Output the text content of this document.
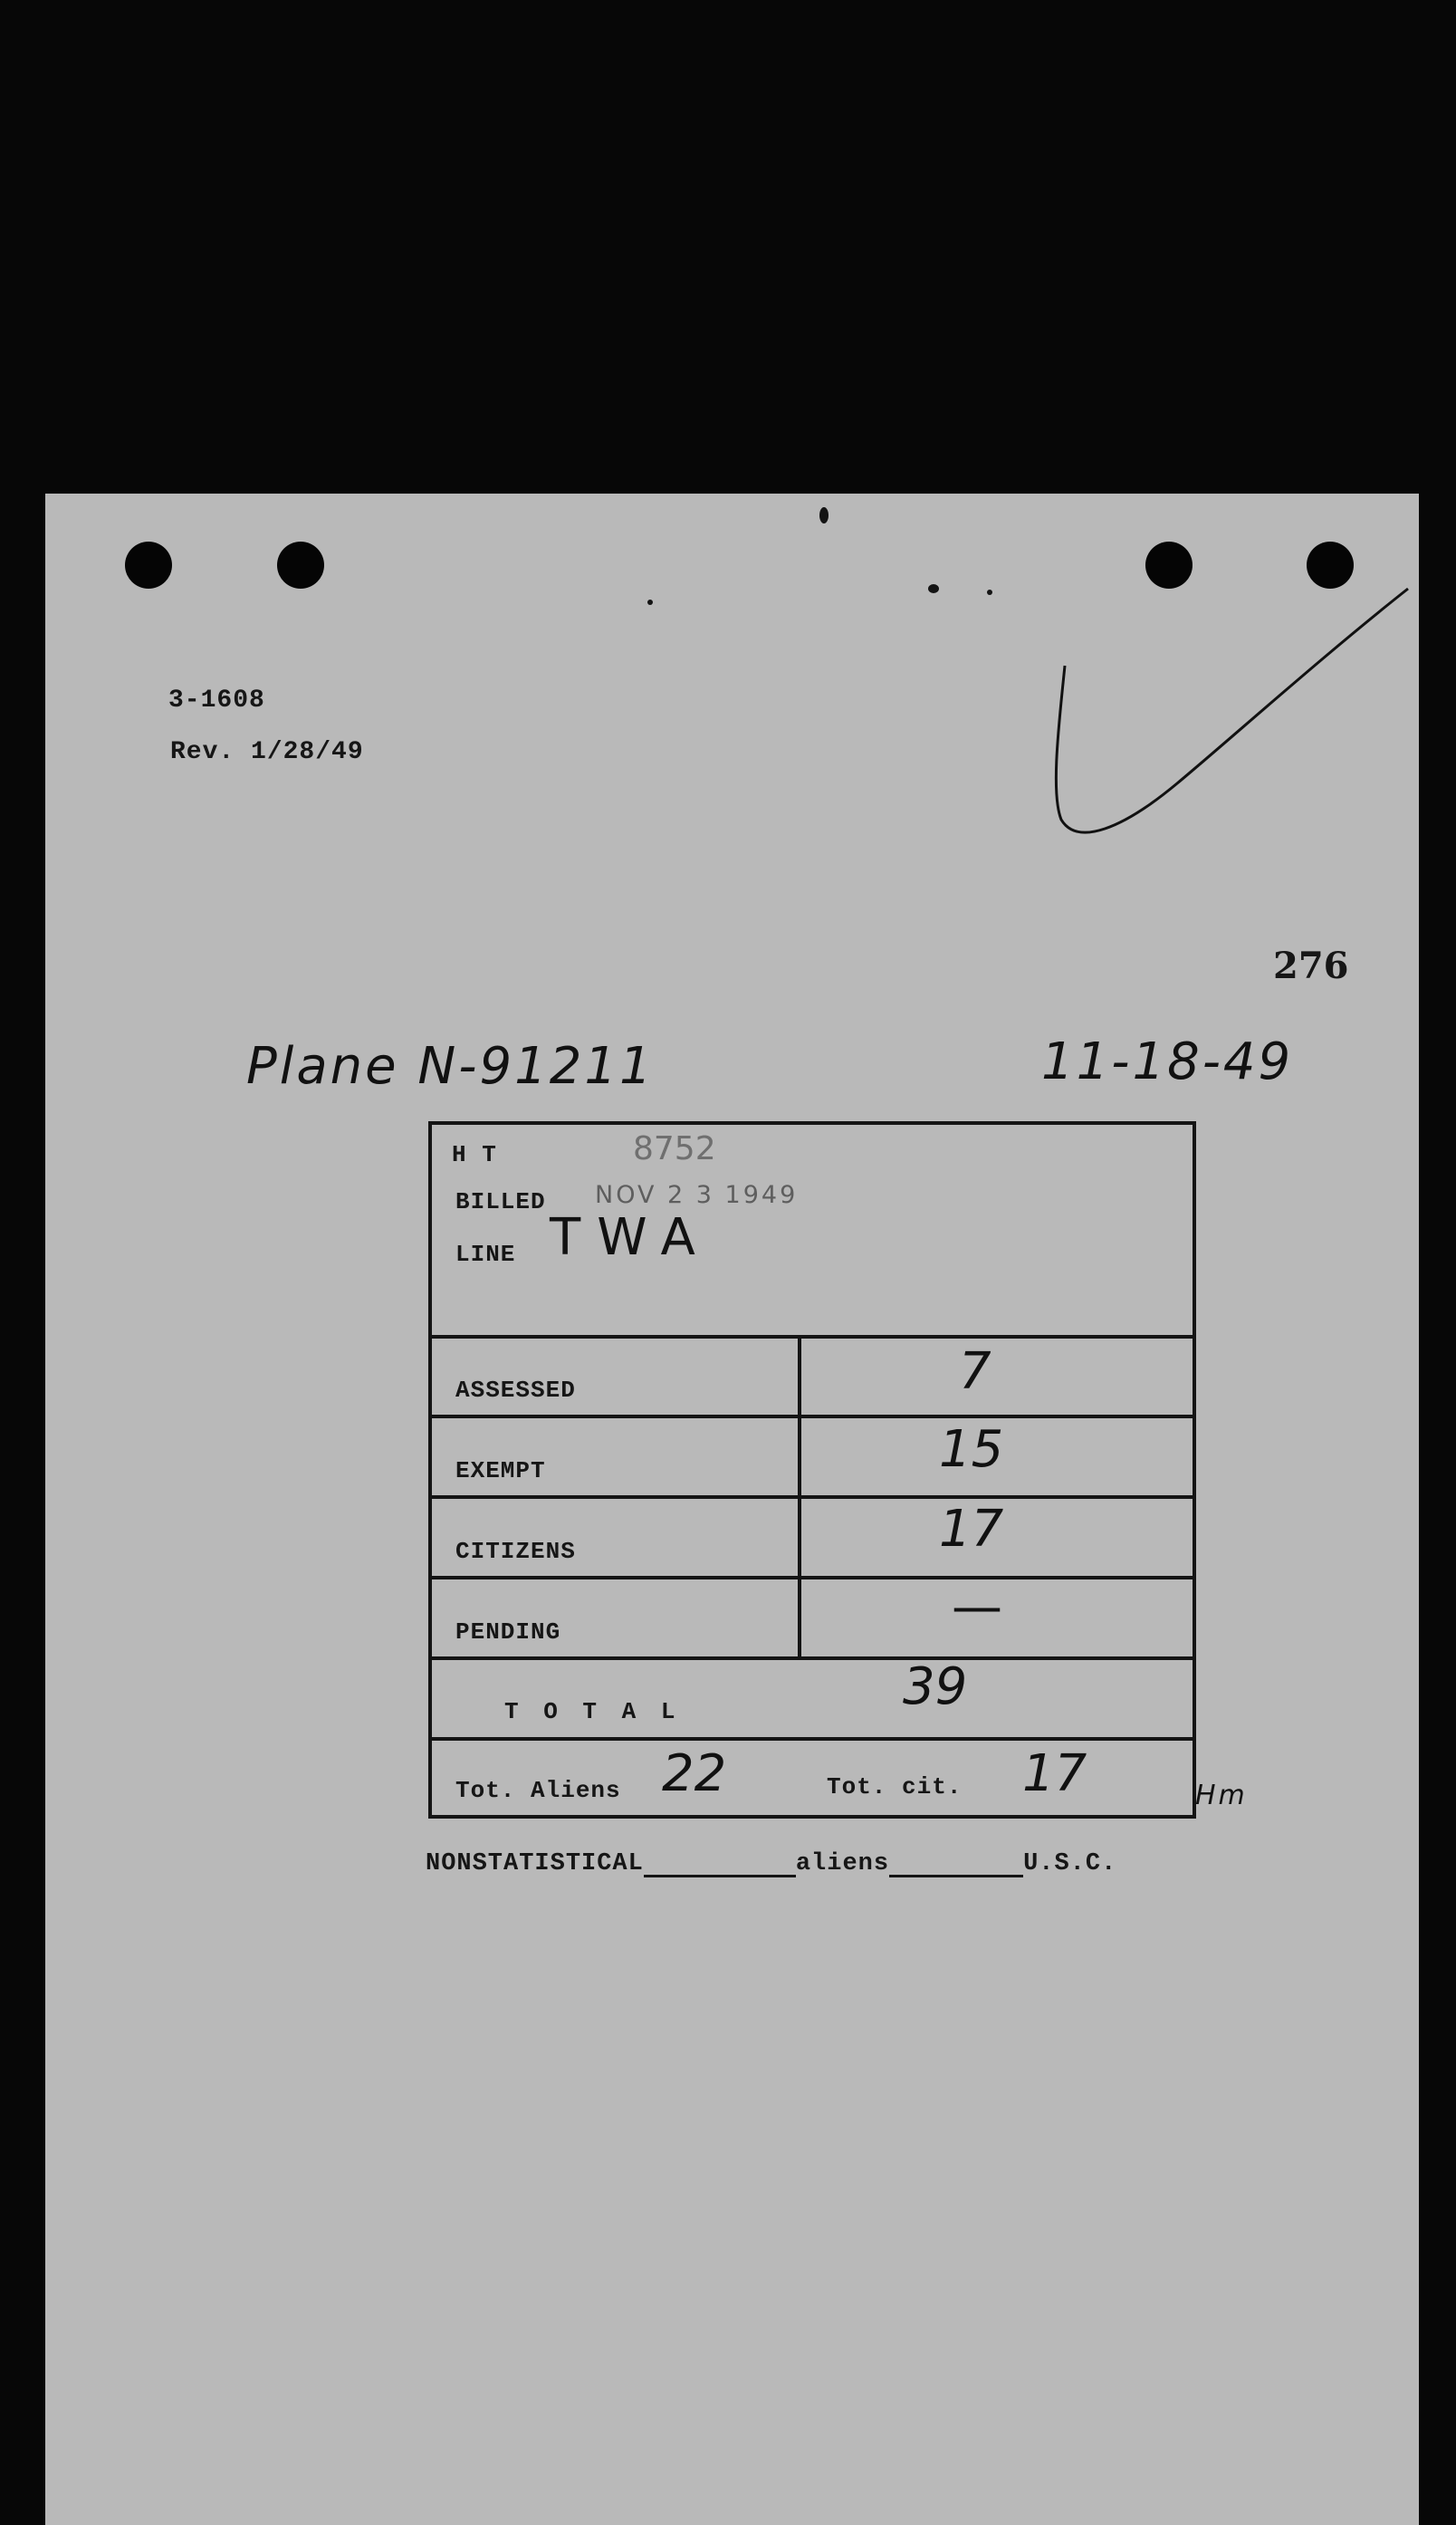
3-1608
Rev. 1/28/49
276
Plane N-91211	11-18-49
H T	8752
BILLED NOV 2 3 1949
LINE TWA
ASSESSED	7
EXEMPT	15
CITIZENS	17
PENDING	—
T O T A L	39
Tot. Aliens 22	Tot. cit. 17	Hm
NONSTATISTICAL	aliens	U.S.C.
